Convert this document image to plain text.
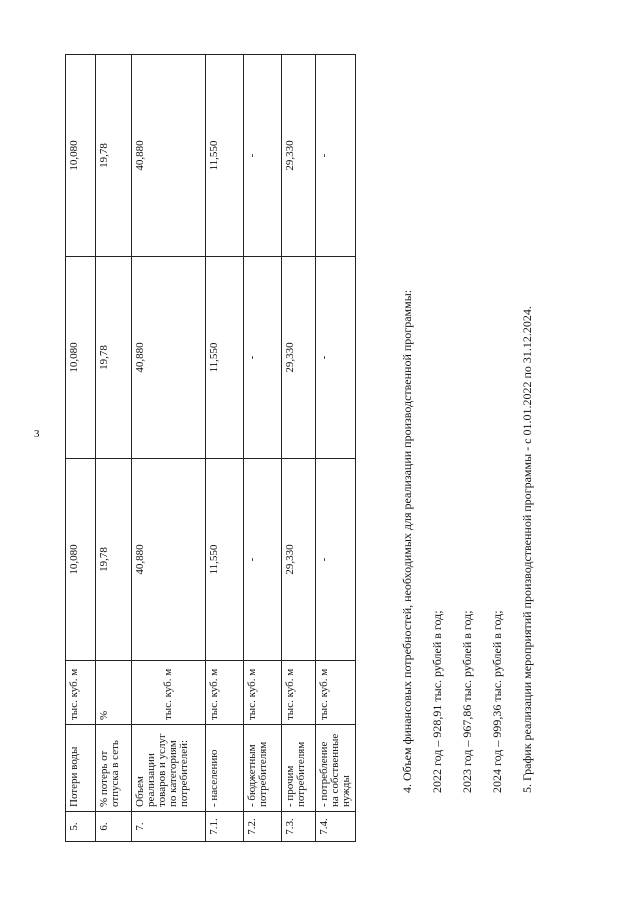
3
5.	Потери воды	тыс. куб. м	10,080	10,080	10,080
6.	% потерь от отпуска в сеть	%	19,78	19,78	19,78
7.	Объем реализации товаров и услуг по категориям потребителей:	тыс. куб. м	40,880	40,880	40,880
7.1.	- населению	тыс. куб. м	11,550	11,550	11,550
7.2.	- бюджетным потребителям	тыс. куб. м	-	-	-
7.3.	- прочим потребителям	тыс. куб. м	29,330	29,330	29,330
7.4.	- потребление на собственные нужды	тыс. куб. м	-	-	-

4. Объем финансовых потребностей, необходимых для реализации производственной программы: 2022 год – 928,91 тыс. рублей в год; 2023 год – 967,86 тыс. рублей в год; 2024 год – 999,36 тыс. рублей в год; 5. График реализации мероприятий производственной программы - с 01.01.2022 по 31.12.2024.
